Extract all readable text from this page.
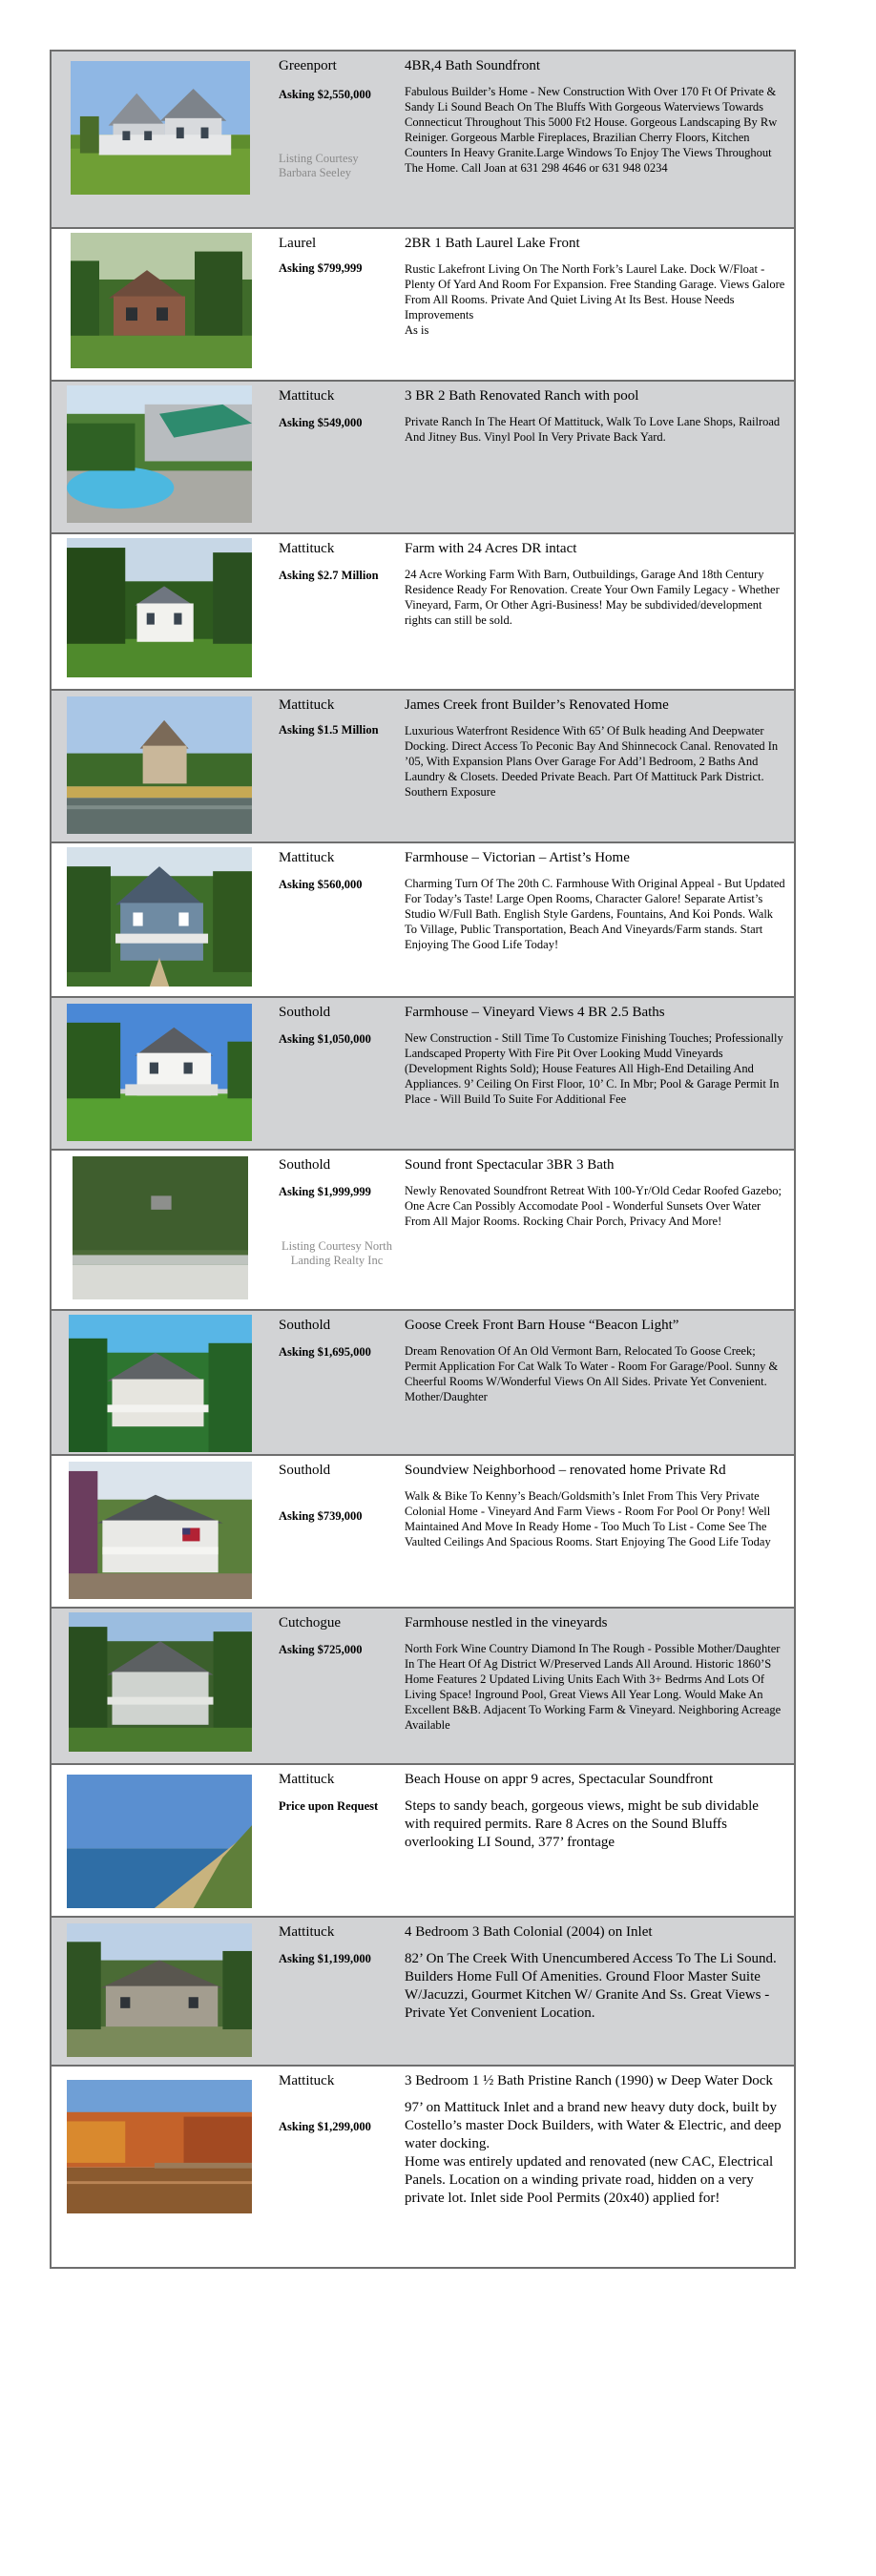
Greenport
Asking $2,550,000
Listing Courtesy Barbara Seeley
4BR,4 Bath Soundfront

Fabulous Builder’s Home - New Construction With Over 170 Ft Of Private & Sandy Li Sound Beach On The Bluffs With Gorgeous Waterviews Towards Connecticut Throughout This 5000 Ft2 House. Gorgeous Landscaping By Rw Reiniger. Gorgeous Marble Fireplaces, Brazilian Cherry Floors, Kitchen Counters In Heavy Granite.Large Windows To Enjoy The Views Throughout The Home. Call Joan at 631 298 4646 or 631 948 0234

Laurel
Asking $799,999
2BR 1 Bath Laurel Lake Front

Rustic Lakefront Living On The North Fork’s Laurel Lake. Dock W/Float - Plenty Of Yard And Room For Expansion. Free Standing Garage. Views Galore From All Rooms. Private And Quiet Living At Its Best. House Needs Improvements

As is

Mattituck
Asking $549,000
3 BR 2 Bath Renovated Ranch with pool

Private Ranch In The Heart Of Mattituck, Walk To Love Lane Shops, Railroad And Jitney Bus. Vinyl Pool In Very Private Back Yard.

Mattituck
Asking $2.7 Million
Farm with 24 Acres DR intact

24 Acre Working Farm With Barn, Outbuildings, Garage And 18th Century Residence Ready For Renovation. Create Your Own Family Legacy - Whether Vineyard, Farm, Or Other Agri-Business! May be subdivided/development rights can still be sold.

Mattituck
Asking $1.5 Million
James Creek front Builder’s Renovated Home

Luxurious Waterfront Residence With 65’ Of Bulk heading And Deepwater Docking. Direct Access To Peconic Bay And Shinnecock Canal. Renovated In ’05, With Expansion Plans Over Garage For Add’l Bedroom, 2 Baths And Laundry & Closets. Deeded Private Beach. Part Of Mattituck Park District. Southern Exposure

Mattituck
Asking $560,000
Farmhouse – Victorian – Artist’s Home

Charming Turn Of The 20th C. Farmhouse With Original Appeal - But Updated For Today’s Taste! Large Open Rooms, Character Galore! Separate Artist’s Studio W/Full Bath. English Style Gardens, Fountains, And Koi Ponds. Walk To Village, Public Transportation, Beach And Vineyards/Farm stands. Start Enjoying The Good Life Today!

Southold
Asking $1,050,000
Farmhouse – Vineyard Views 4 BR 2.5 Baths

New Construction - Still Time To Customize Finishing Touches; Professionally Landscaped Property With Fire Pit Over Looking Mudd Vineyards (Development Rights Sold); House Features All High-End Detailing And Appliances. 9’ Ceiling On First Floor, 10’ C. In Mbr; Pool & Garage Permit In Place - Will Build To Suite For Additional Fee

Southold
Asking $1,999,999
Listing Courtesy North Landing Realty Inc
Sound front Spectacular 3BR 3 Bath

Newly Renovated Soundfront Retreat With 100-Yr/Old Cedar Roofed Gazebo; One Acre Can Possibly Accomodate Pool - Wonderful Sunsets Over Water From All Major Rooms. Rocking Chair Porch, Privacy And More!

Southold
Asking $1,695,000
Goose Creek Front Barn House “Beacon Light”

Dream Renovation Of An Old Vermont Barn, Relocated To Goose Creek; Permit Application For Cat Walk To Water - Room For Garage/Pool. Sunny & Cheerful Rooms W/Wonderful Views On All Sides. Private Yet Convenient. Mother/Daughter

Southold
Asking $739,000
Soundview Neighborhood – renovated home Private Rd

Walk & Bike To Kenny’s Beach/Goldsmith’s Inlet From This Very Private Colonial Home - Vineyard And Farm Views - Room For Pool Or Pony! Well Maintained And Move In Ready Home - Too Much To List - Come See The Vaulted Ceilings And Spacious Rooms. Start Enjoying The Good Life Today

Cutchogue
Asking $725,000
Farmhouse nestled in the vineyards

North Fork Wine Country Diamond In The Rough - Possible Mother/Daughter In The Heart Of Ag District W/Preserved Lands All Around. Historic 1860’S Home Features 2 Updated Living Units Each With 3+ Bedrms And Lots Of Living Space! Inground Pool, Great Views All Year Long. Would Make An Excellent B&B. Adjacent To Working Farm & Vineyard. Neighboring Acreage Available

Mattituck
Price upon Request
Beach House on appr 9 acres, Spectacular Soundfront

Steps to sandy beach, gorgeous views, might be sub dividable with required permits. Rare 8 Acres on the Sound Bluffs overlooking LI Sound, 377’ frontage

Mattituck
Asking $1,199,000
4 Bedroom 3 Bath Colonial (2004) on Inlet

82’ On The Creek With Unencumbered Access To The Li Sound. Builders Home Full Of Amenities. Ground Floor Master Suite W/Jacuzzi, Gourmet Kitchen W/ Granite And Ss. Great Views - Private Yet Convenient Location.

Mattituck
Asking $1,299,000
3 Bedroom 1 ½ Bath Pristine Ranch (1990) w Deep Water Dock

97’ on Mattituck Inlet and a brand new heavy duty dock, built by Costello’s master Dock Builders, with Water & Electric, and deep water docking.

Home was entirely updated and renovated (new CAC, Electrical Panels. Location on a winding private road, hidden on a very private lot. Inlet side Pool Permits (20x40) applied for!
